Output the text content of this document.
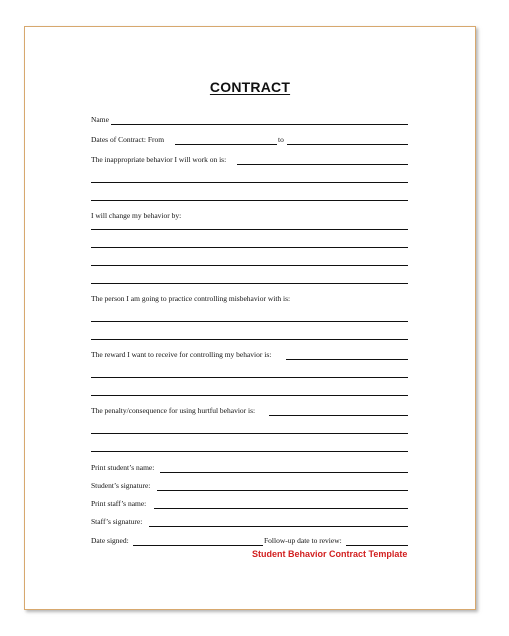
CONTRACT
Name
Dates of Contract: From	to
The inappropriate behavior I will work on is:
I will change my behavior by:
The person I am going to practice controlling misbehavior with is:
The reward I want to receive for controlling my behavior is:
The penalty/consequence for using hurtful behavior is:
Print student’s name:
Student’s signature:
Print staff’s name:
Staff’s signature:
Date signed:	Follow-up date to review:
Student Behavior Contract Template
